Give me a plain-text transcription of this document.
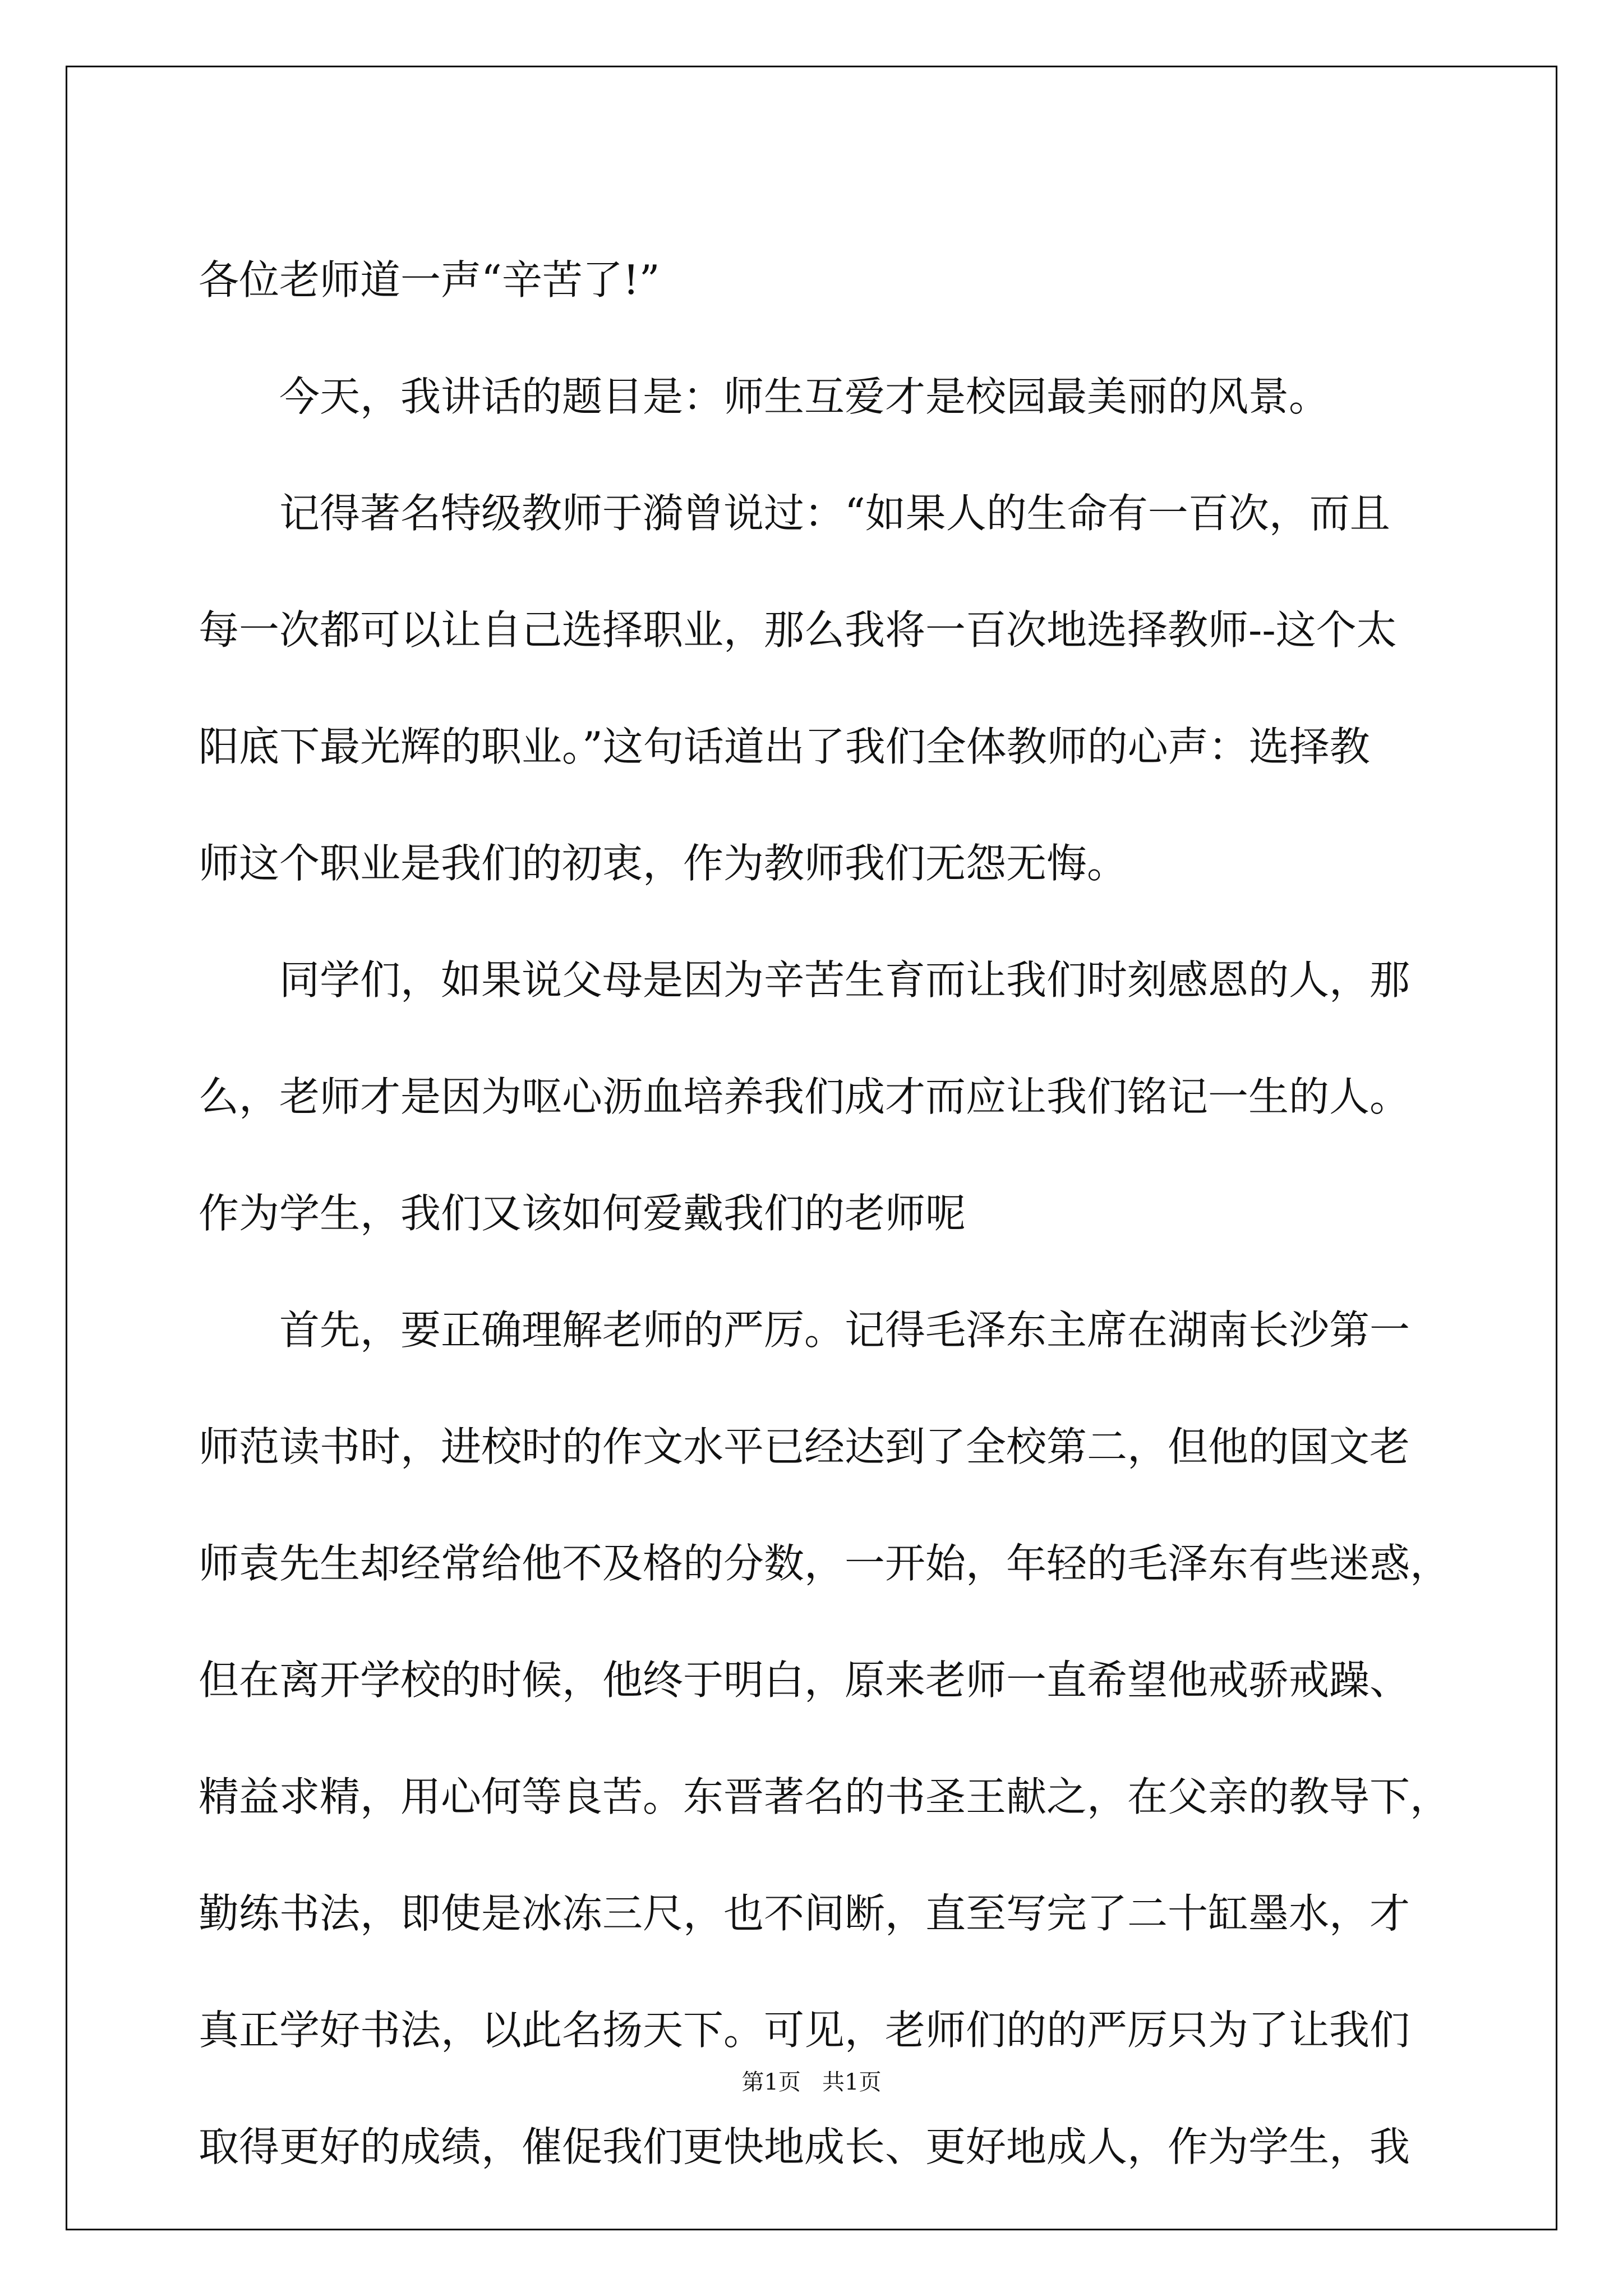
各位老师道一声“辛苦了!”
今天，我讲话的题目是：师生互爱才是校园最美丽的风景。
记得著名特级教师于漪曾说过：“如果人的生命有一百次，而且
每一次都可以让自己选择职业，那么我将一百次地选择教师--这个太
阳底下最光辉的职业。”这句话道出了我们全体教师的心声：选择教
师这个职业是我们的初衷，作为教师我们无怨无悔。
同学们，如果说父母是因为辛苦生育而让我们时刻感恩的人，那
么，老师才是因为呕心沥血培养我们成才而应让我们铭记一生的人。
作为学生，我们又该如何爱戴我们的老师呢
首先，要正确理解老师的严厉。记得毛泽东主席在湖南长沙第一
师范读书时，进校时的作文水平已经达到了全校第二，但他的国文老
师袁先生却经常给他不及格的分数，一开始，年轻的毛泽东有些迷惑，
但在离开学校的时候，他终于明白，原来老师一直希望他戒骄戒躁、
精益求精，用心何等良苦。东晋著名的书圣王献之，在父亲的教导下，
勤练书法，即使是冰冻三尺，也不间断，直至写完了二十缸墨水，才
真正学好书法，以此名扬天下。可见，老师们的的严厉只为了让我们
取得更好的成绩，催促我们更快地成长、更好地成人，作为学生，我
第1页   共1页
